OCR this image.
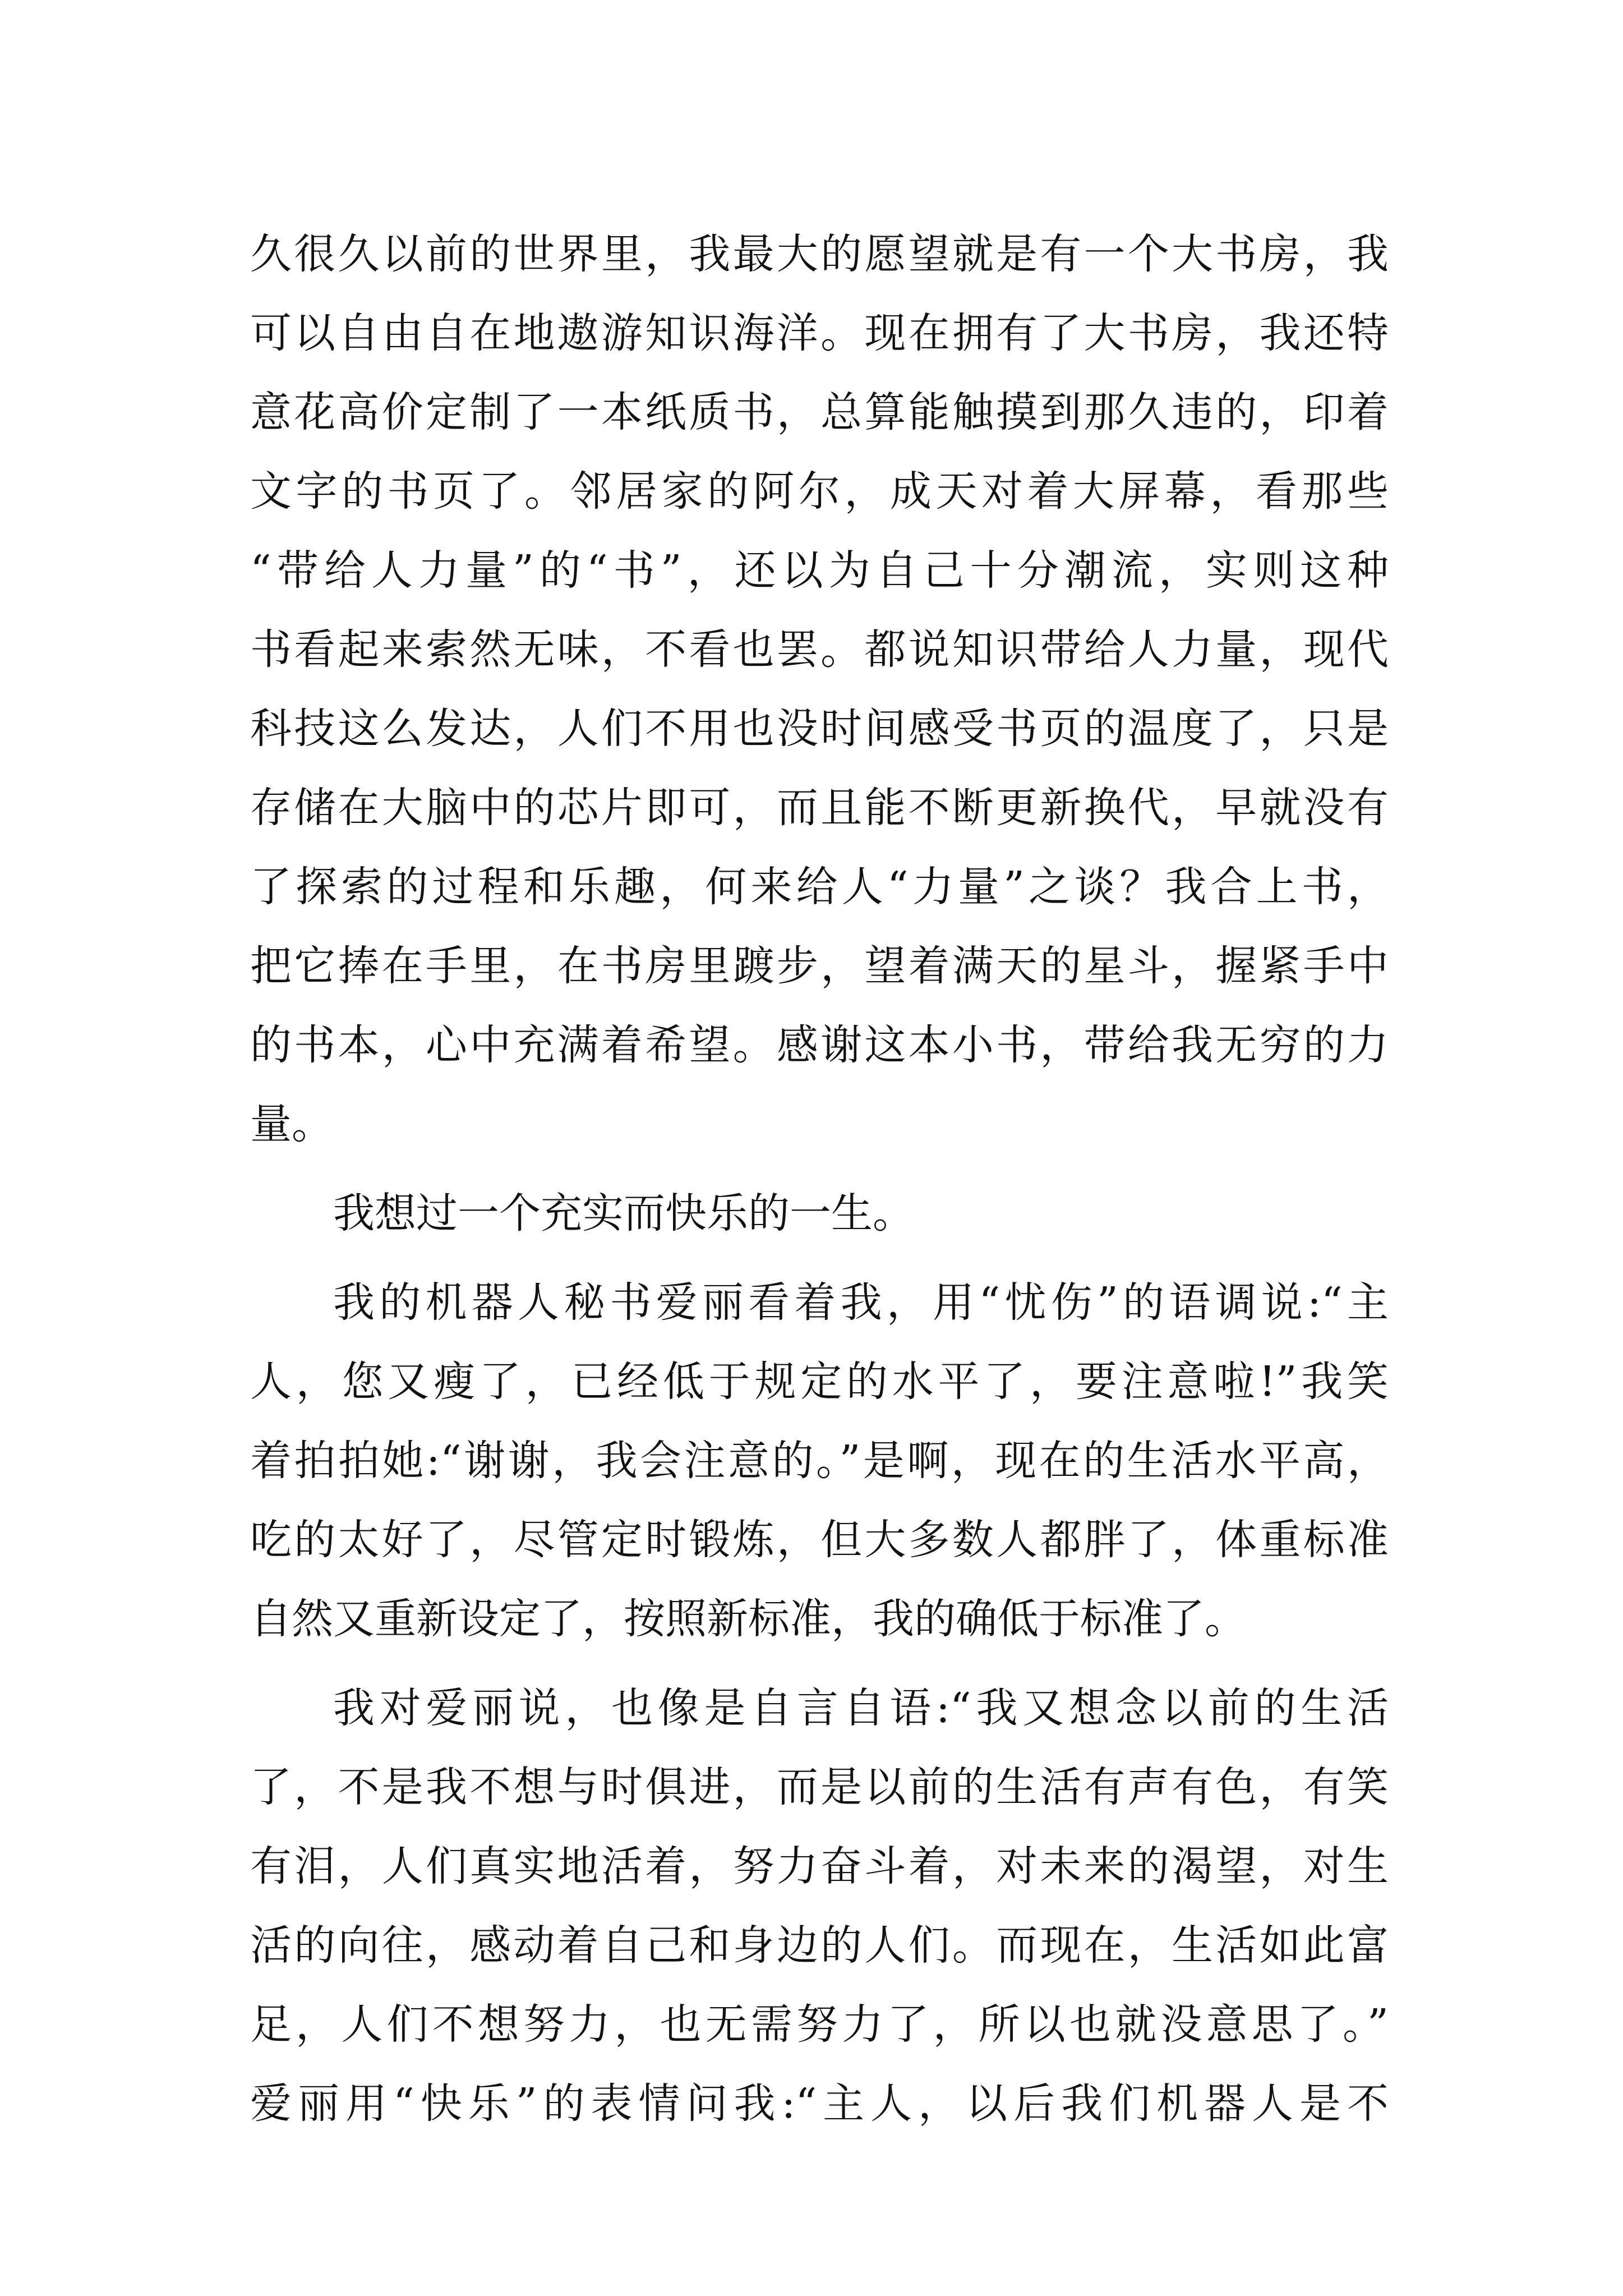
久很久以前的世界里，我最大的愿望就是有一个大书房，我
可以自由自在地遨游知识海洋。现在拥有了大书房，我还特
意花高价定制了一本纸质书，总算能触摸到那久违的，印着
文字的书页了。邻居家的阿尔，成天对着大屏幕，看那些
“带给人力量”的“书”，还以为自己十分潮流，实则这种
书看起来索然无味，不看也罢。都说知识带给人力量，现代
科技这么发达，人们不用也没时间感受书页的温度了，只是
存储在大脑中的芯片即可，而且能不断更新换代，早就没有
了探索的过程和乐趣，何来给人“力量”之谈？我合上书，
把它捧在手里，在书房里踱步，望着满天的星斗，握紧手中
的书本，心中充满着希望。感谢这本小书，带给我无穷的力
量。
我想过一个充实而快乐的一生。
我的机器人秘书爱丽看着我，用“忧伤”的语调说:“主
人，您又瘦了，已经低于规定的水平了，要注意啦!”我笑
着拍拍她:“谢谢，我会注意的。”是啊，现在的生活水平高，
吃的太好了，尽管定时锻炼，但大多数人都胖了，体重标准
自然又重新设定了，按照新标准，我的确低于标准了。
我对爱丽说，也像是自言自语:“我又想念以前的生活
了，不是我不想与时俱进，而是以前的生活有声有色，有笑
有泪，人们真实地活着，努力奋斗着，对未来的渴望，对生
活的向往，感动着自己和身边的人们。而现在，生活如此富
足，人们不想努力，也无需努力了，所以也就没意思了。”
爱丽用“快乐”的表情问我:“主人，以后我们机器人是不
